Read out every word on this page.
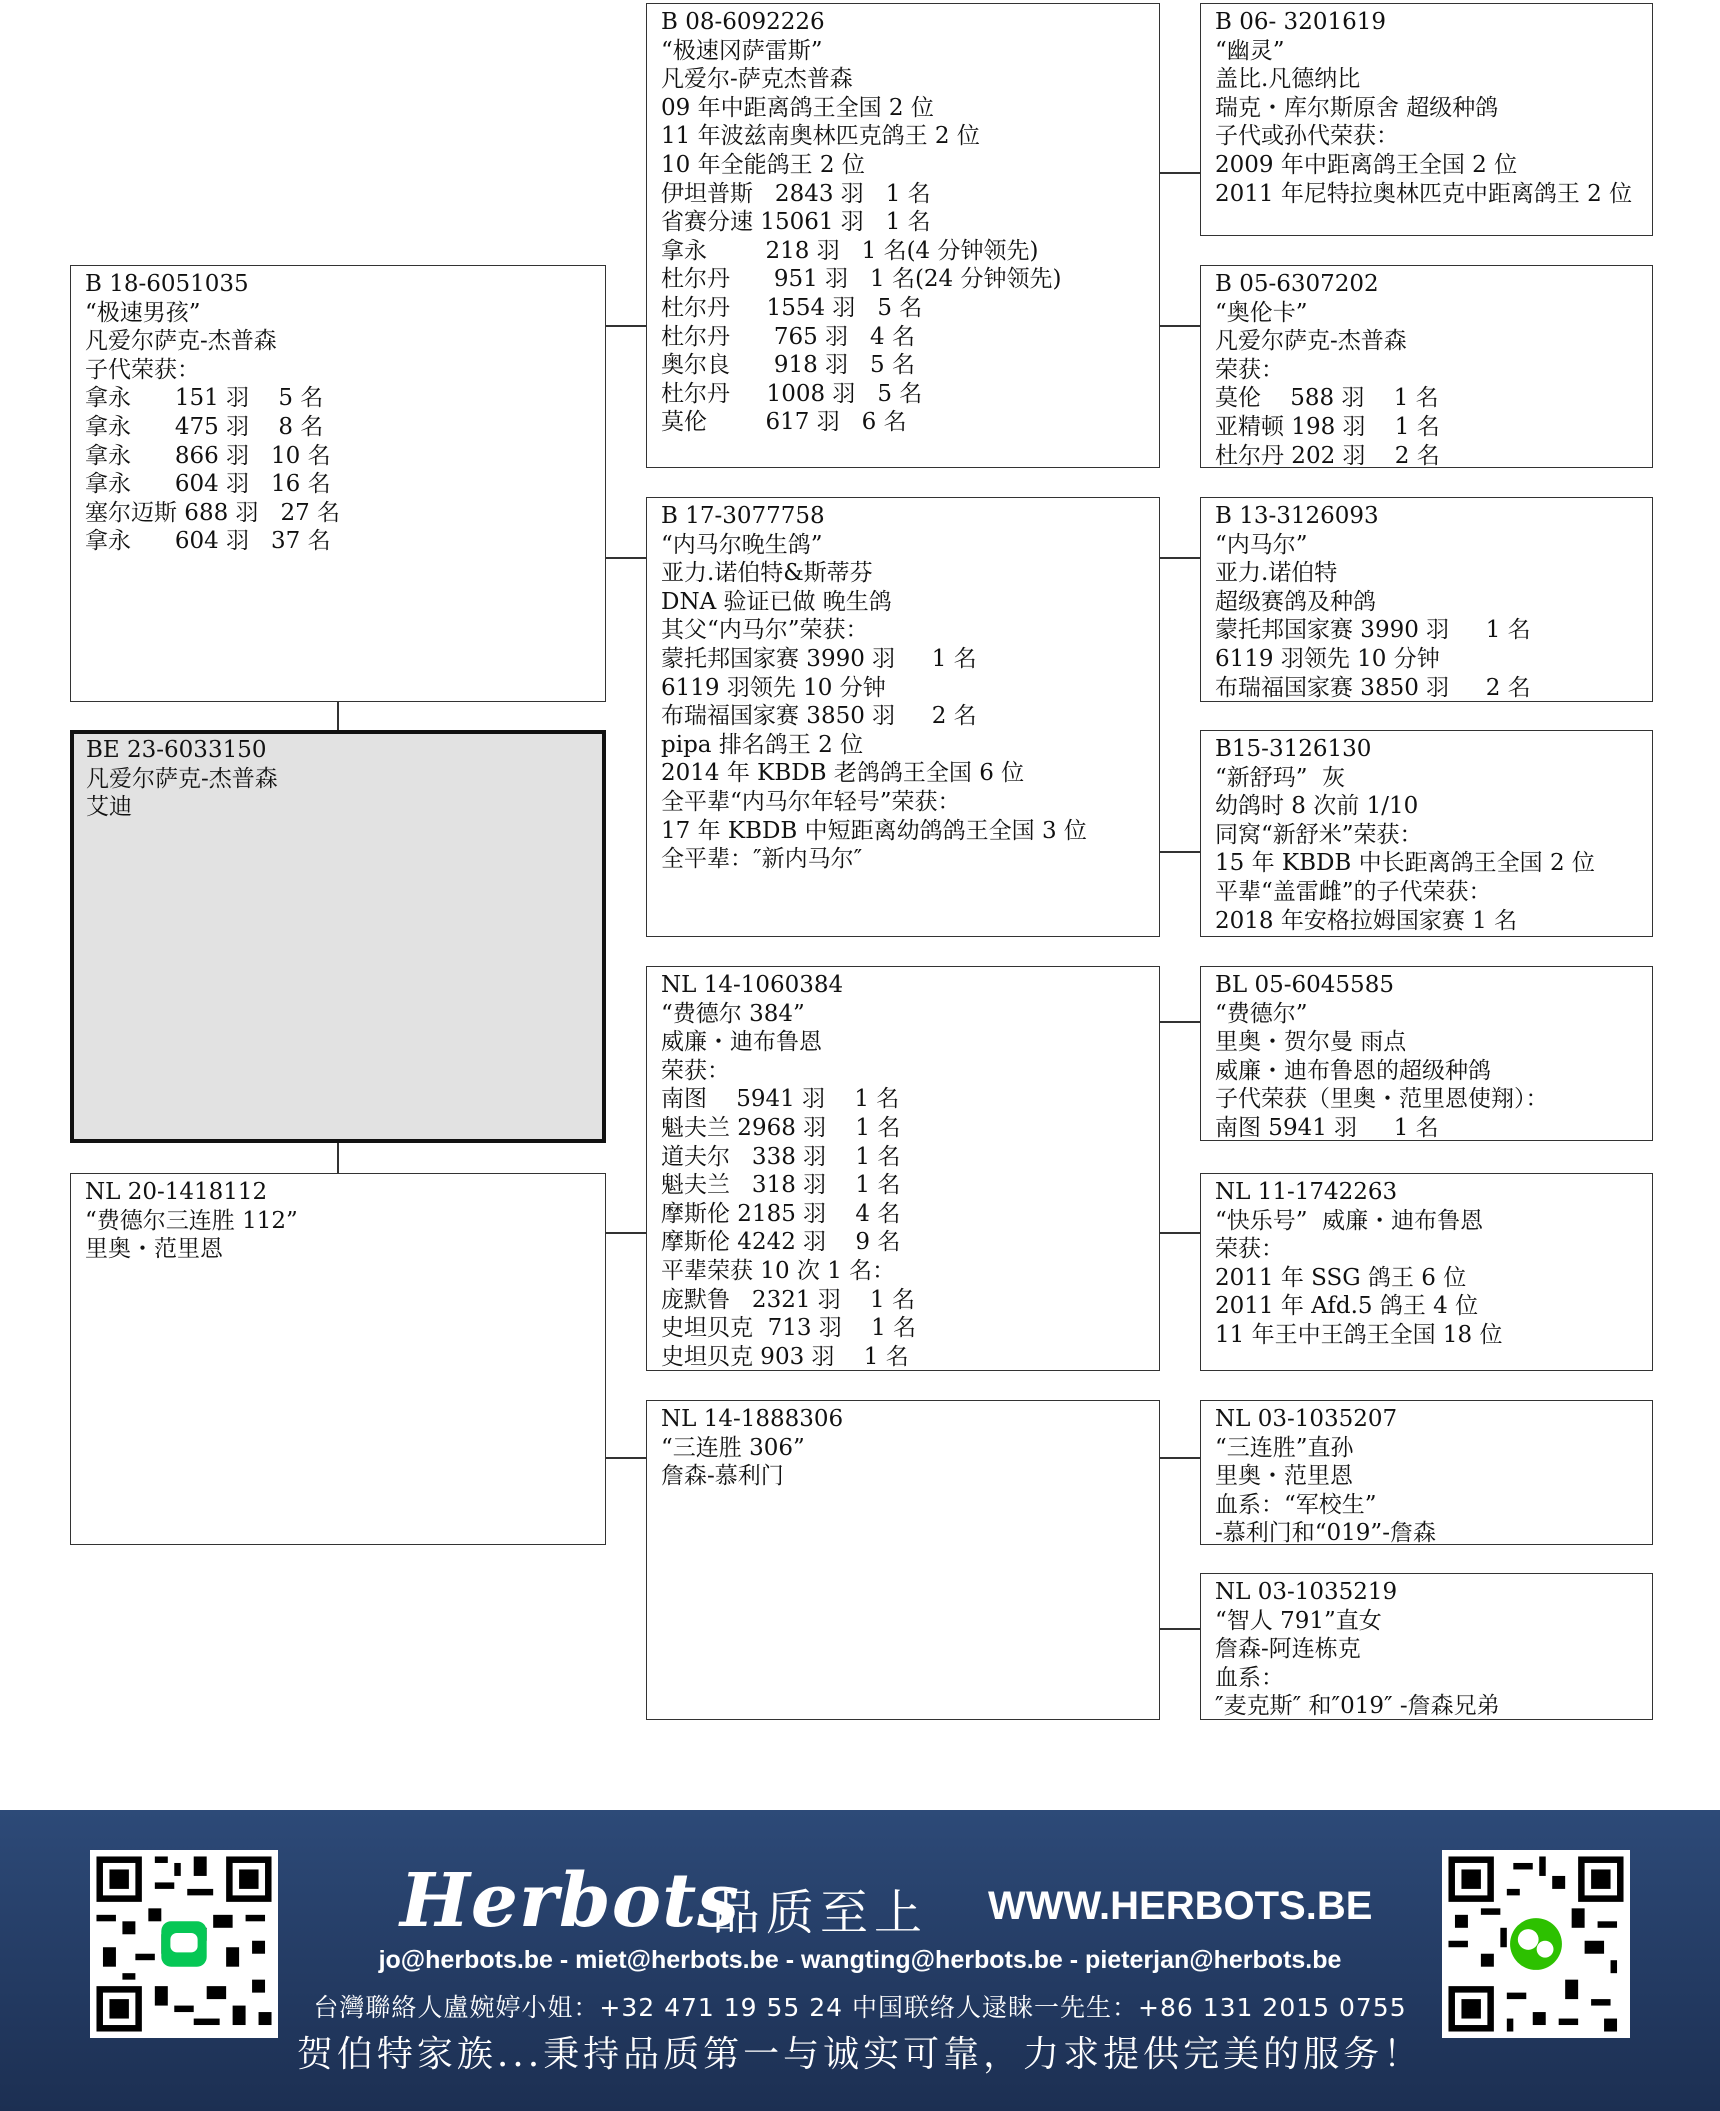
B 18-6051035
“极速男孩”
凡爱尔萨克-杰普森
子代荣获：
拿永      151 羽    5 名
拿永      475 羽    8 名
拿永      866 羽   10 名
拿永      604 羽   16 名
塞尔迈斯 688 羽   27 名
拿永      604 羽   37 名
BE 23-6033150
凡爱尔萨克-杰普森
艾迪
NL 20-1418112
“费德尔三连胜 112”
里奥・范里恩
B 08-6092226
“极速冈萨雷斯”
凡爱尔-萨克杰普森
09 年中距离鸽王全国 2 位
11 年波兹南奥林匹克鸽王 2 位
10 年全能鸽王 2 位
伊坦普斯   2843 羽   1 名
省赛分速 15061 羽   1 名
拿永        218 羽   1 名(4 分钟领先)
杜尔丹      951 羽   1 名(24 分钟领先)
杜尔丹     1554 羽   5 名
杜尔丹      765 羽   4 名
奥尔良      918 羽   5 名
杜尔丹     1008 羽   5 名
莫伦        617 羽   6 名
B 17-3077758
“内马尔晚生鸽”
亚力.诺伯特&斯蒂芬
DNA 验证已做 晚生鸽
其父“内马尔”荣获：
蒙托邦国家赛 3990 羽     1 名
6119 羽领先 10 分钟
布瑞福国家赛 3850 羽     2 名
pipa 排名鸽王 2 位
2014 年 KBDB 老鸽鸽王全国 6 位
全平辈“内马尔年轻号”荣获：
17 年 KBDB 中短距离幼鸽鸽王全国 3 位
全平辈：″新内马尔″
NL 14-1060384
“费德尔 384”
威廉・迪布鲁恩
荣获：
南图    5941 羽    1 名
魁夫兰 2968 羽    1 名
道夫尔   338 羽    1 名
魁夫兰   318 羽    1 名
摩斯伦 2185 羽    4 名
摩斯伦 4242 羽    9 名
平辈荣获 10 次 1 名：
庞默鲁   2321 羽    1 名
史坦贝克  713 羽    1 名
史坦贝克 903 羽    1 名
NL 14-1888306
“三连胜 306”
詹森-慕利门
B 06- 3201619
“幽灵”
盖比.凡德纳比
瑞克・库尔斯原舍 超级种鸽
子代或孙代荣获：
2009 年中距离鸽王全国 2 位
2011 年尼特拉奥林匹克中距离鸽王 2 位
B 05-6307202
“奥伦卡”
凡爱尔萨克-杰普森
荣获：
莫伦    588 羽    1 名
亚精顿 198 羽    1 名
杜尔丹 202 羽    2 名
B 13-3126093
“内马尔”
亚力.诺伯特
超级赛鸽及种鸽
蒙托邦国家赛 3990 羽     1 名
6119 羽领先 10 分钟
布瑞福国家赛 3850 羽     2 名
B15-3126130
“新舒玛”  灰
幼鸽时 8 次前 1/10
同窝“新舒米”荣获：
15 年 KBDB 中长距离鸽王全国 2 位
平辈“盖雷雌”的子代荣获：
2018 年安格拉姆国家赛 1 名
BL 05-6045585
“费德尔”
里奥・贺尔曼 雨点
威廉・迪布鲁恩的超级种鸽
子代荣获（里奥・范里恩使翔）：
南图 5941 羽     1 名
NL 11-1742263
“快乐号”  威廉・迪布鲁恩
荣获：
2011 年 SSG 鸽王 6 位
2011 年 Afd.5 鸽王 4 位
11 年王中王鸽王全国 18 位
NL 03-1035207
“三连胜”直孙
里奥・范里恩
血系：“军校生”
-慕利门和“019”-詹森
NL 03-1035219
“智人 791”直女
詹森-阿连栋克
血系：
″麦克斯″ 和″019″ -詹森兄弟
Herbots
品质至上 WWW.HERBOTS.BE
jo@herbots.be - miet@herbots.be - wangting@herbots.be - pieterjan@herbots.be
台灣聯絡人盧婉婷小姐：+32 471 19 55 24 中国联络人逯睐一先生：+86 131 2015 0755
贺伯特家族...秉持品质第一与诚实可靠，力求提供完美的服务！
